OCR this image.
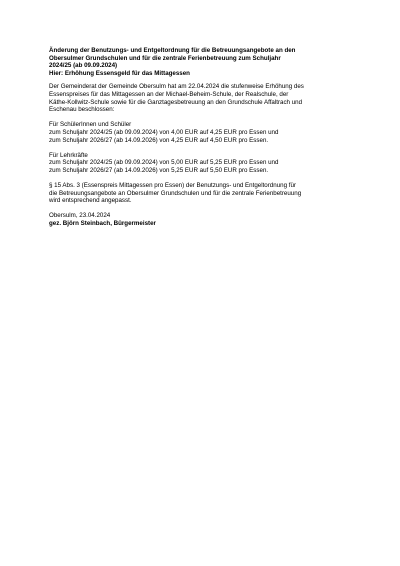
Änderung der Benutzungs- und Entgeltordnung für die Betreuungsangebote an den
Obersulmer Grundschulen und für die zentrale Ferienbetreuung zum Schuljahr
2024/25 (ab 09.09.2024)
Hier: Erhöhung Essensgeld für das Mittagessen
Der Gemeinderat der Gemeinde Obersulm hat am 22.04.2024 die stufenweise Erhöhung des
Essenspreises für das Mittagessen an der Michael-Beheim-Schule, der Realschule, der
Käthe-Kollwitz-Schule sowie für die Ganztagesbetreuung an den Grundschule Affaltrach und
Eschenau beschlossen:
Für SchülerInnen und Schüler
zum Schuljahr 2024/25 (ab 09.09.2024) von 4,00 EUR auf 4,25 EUR pro Essen und
zum Schuljahr 2026/27 (ab 14.09.2026) von 4,25 EUR auf 4,50 EUR pro Essen.
Für Lehrkräfte
zum Schuljahr 2024/25 (ab 09.09.2024) von 5,00 EUR auf 5,25 EUR pro Essen und
zum Schuljahr 2026/27 (ab 14.09.2026) von 5,25 EUR auf 5,50 EUR pro Essen.
§ 15 Abs. 3 (Essenspreis Mittagessen pro Essen) der Benutzungs- und Entgeltordnung für
die Betreuungsangebote an Obersulmer Grundschulen und für die zentrale Ferienbetreuung
wird entsprechend angepasst.
Obersulm, 23.04.2024
gez. Björn Steinbach, Bürgermeister
